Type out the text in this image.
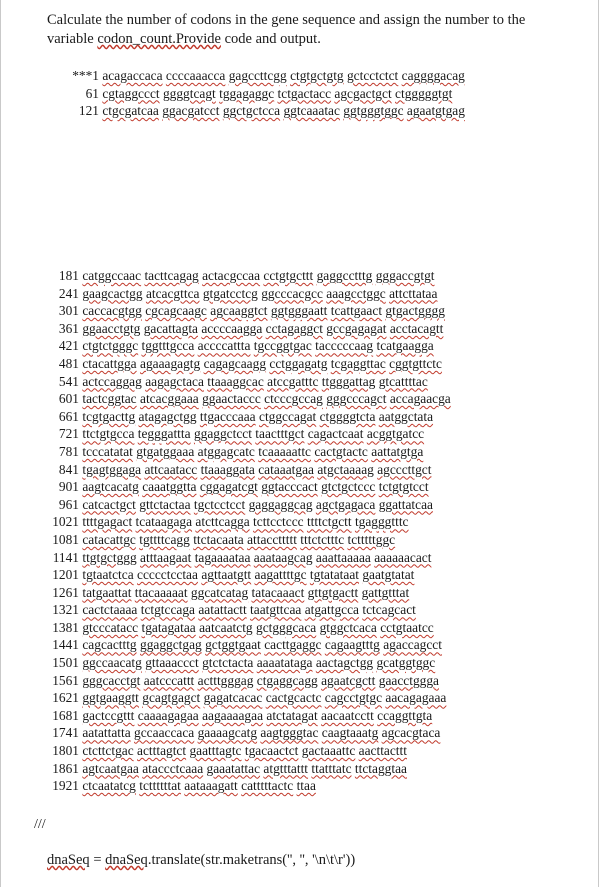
Calculate the number of codons in the gene sequence and assign the number to the
variable codon_count.Provide code and output.
***1 acagaccaca ccccaaacca gagccttcgg ctgtgctgtg gctcctctct caggggacag
61 cgtaggccct ggggtcagt tggagaggc tctgactacc agcgactgct ctgggggtgt
121 ctgcgatcaa ggacgatcct ggctgctcca ggtcaaatac ggtgggtggc agaatgtgag
181 catggccaac tacttcagag actacgccaa cctgtgcttt gaggcctttg gggaccgtgt
241 gaagcactgg atcacgttca gtgatcctcg ggcccacgcc aaagcctggc attcttataa
301 caccacgtgg cgcagcaagc agcaaggtct ggtgggaatt tcattgaact gtgactgggg
361 ggaacctgtg gacattagta accccaagga cctagaggct gccgagagat acctacagtt
421 ctgtctgggc tggtttgcca accccattta tgccggtgac tacccccaag tcatgaagga
481 ctacattgga agaaagagtg cagagcaagg cctggagatg tcgaggttac cggtgttctc
541 actccaggag aagagctaca ttaaaggcac atccgatttc ttgggattag gtcattttac
601 tactcggtac atcacggaaa ggaactaccc ctcccgccag gggcccagct accagaacga
661 tcgtgacttg atagagctgg ttgacccaaa ctggccagat ctggggtcta aatggctata
721 ttctgtgcca tegggattta ggaggctcct taactttgct cagactcaat acggtgatcc
781 tcccatatat gtgatggaaa atggagcatc tcaaaaattc cactgtactc aattatgtga
841 tgagtggaga attcaatacc ttaaaggata cataaatgaa atgctaaaag agcccttgct
901 aagtcacatg caaatggtta cggagatcgt ggtacccact gtctgctccc tctgtgtcct
961 catcactgct gttctactaa tgctcctcct gaggaggcag agctgagaca ggattatcaa
1021 ttttgagact tcataagaga atcttcagga tcttcctccc ttttctgctt tgagggtttc
1081 catacattgc tgttttcagg ttctacaata attaccttttt tttctctttc tctttttggc
1141 ttgtgctggg atttaagaat tagaaaataa aaataagcag aaattaaaaa aaaaaacact
1201 tgtaatctca ccccctcctaa agttaatgtt aagattttgc tgtatataat gaatgtatat
1261 tatgaattat ttacaaaaat ggcatcatag tatacaaact gttgtgactt gattgtttat
1321 cactctaaaa tctgtccaga aatattactt taatgttcaa atgattgcca tctcagcact
1381 gtcccatacc tgatagataa aatcaatctg gctgggcaca gtggctcaca cctgtaatcc
1441 cagcactttg ggaggctgag gctggtgaat cacttgaggc cagaagtttg agaccagcct
1501 ggccaacatg gttaaaccct gtctctacta aaaatataga aactagctgg gcatggtggc
1561 gggcacctgt aatcccattt actttgggag ctgaggcagg agaatcgctt gaacctggga
1621 ggtgaaggtt gcagtgagct gagatcacac cactgcactc cagcctgtgc aacagagaaa
1681 gactccgttt caaaagagaa aagaaaagaa atctatagat aacaatcctt ccaggttgta
1741 aatattatta gccaaccaca gaaaagcatg aagtgggtac caagtaaatg agcacgtaca
1801 ctcttctgac actttagtct gaatttagtc tgacaactct gactaaattc aacttacttt
1861 agtcaatgaa ataccctcaaa gaaatattac atgtttattt ttatttatc ttctaggtaa
1921 ctcaatatcg tcttttttat aataaagatt catttttactc ttaa
///
dnaSeq = dnaSeq.translate(str.maketrans('', '', '\n\t\r'))
